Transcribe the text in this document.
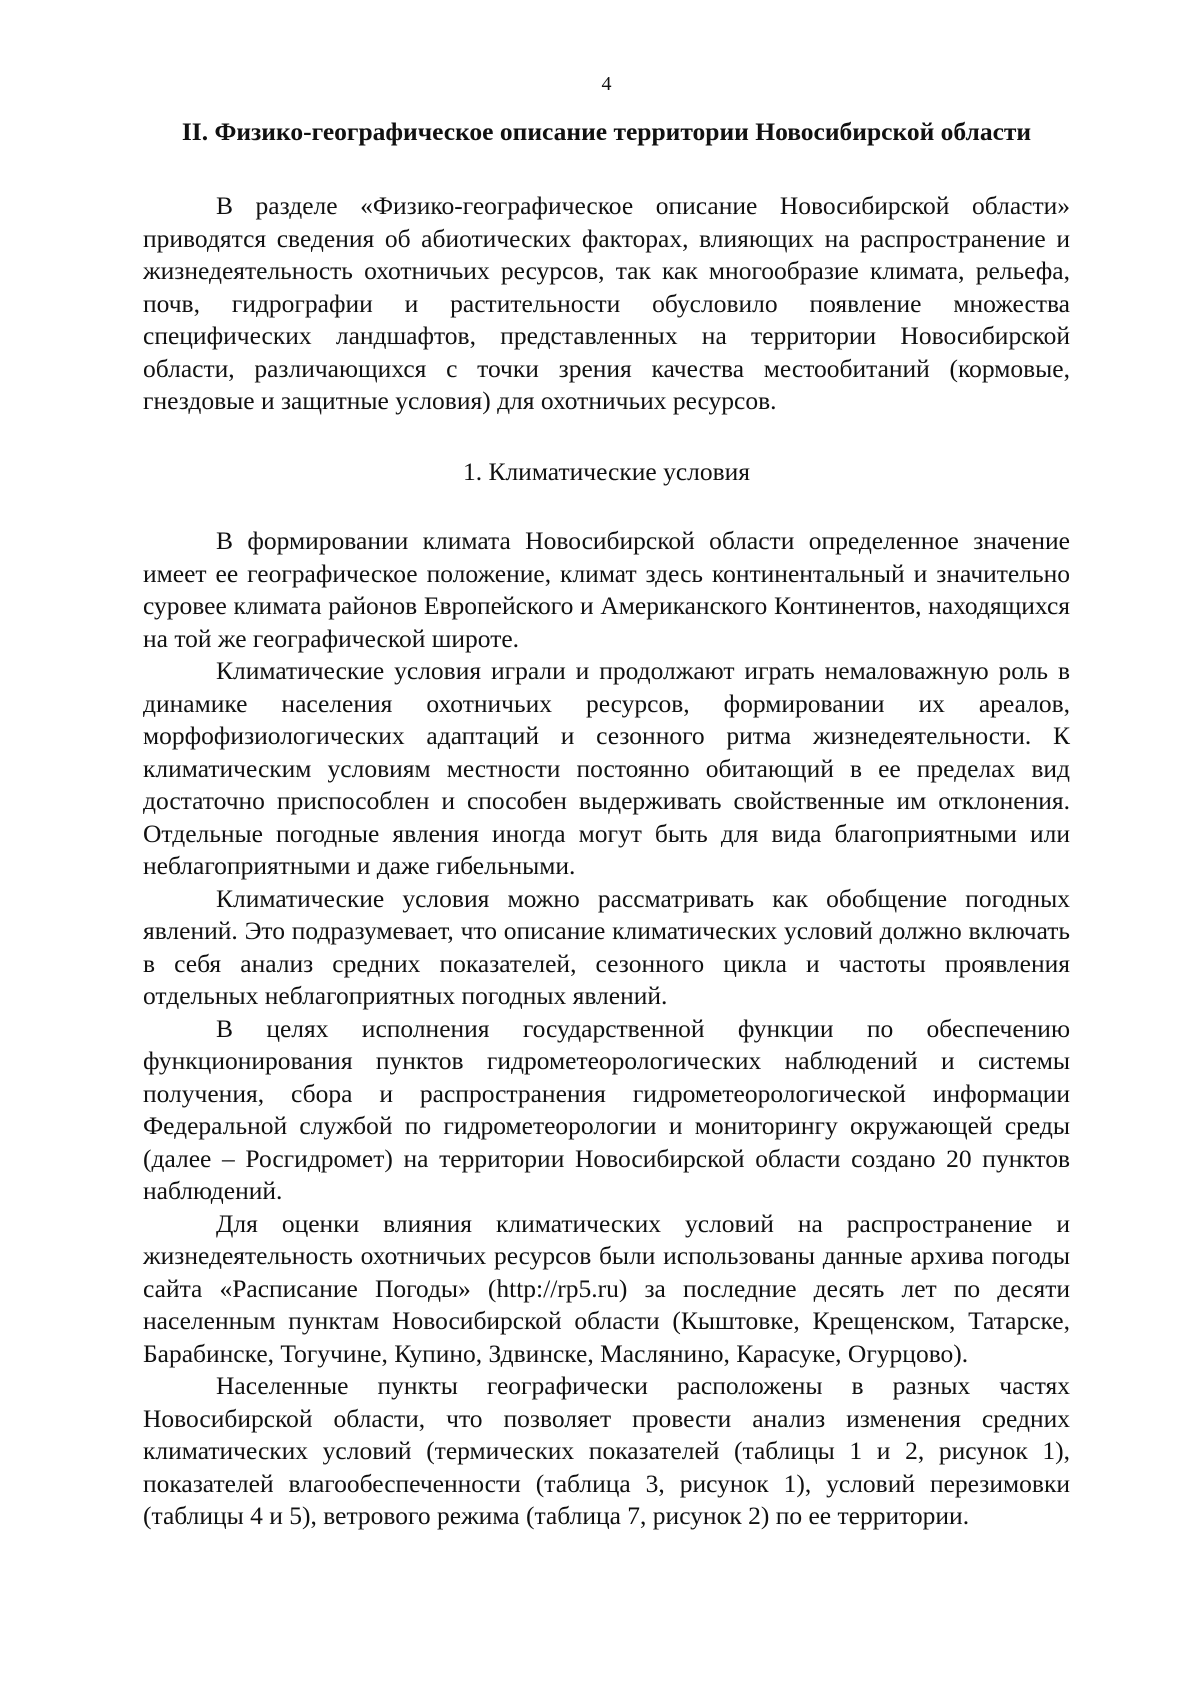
4
II. Физико-географическое описание территории Новосибирской области

В разделе «Физико-географическое описание Новосибирской области» приводятся сведения об абиотических факторах, влияющих на распространение и жизнедеятельность охотничьих ресурсов, так как многообразие климата, рельефа, почв, гидрографии и растительности обусловило появление множества специфических ландшафтов, представленных на территории Новосибирской области, различающихся с точки зрения качества местообитаний (кормовые, гнездовые и защитные условия) для охотничьих ресурсов.

1. Климатические условия

В формировании климата Новосибирской области определенное значение имеет ее географическое положение, климат здесь континентальный и значительно суровее климата районов Европейского и Американского Континентов, находящихся на той же географической широте.

Климатические условия играли и продолжают играть немаловажную роль в динамике населения охотничьих ресурсов, формировании их ареалов, морфофизиологических адаптаций и сезонного ритма жизнедеятельности. К климатическим условиям местности постоянно обитающий в ее пределах вид достаточно приспособлен и способен выдерживать свойственные им отклонения. Отдельные погодные явления иногда могут быть для вида благоприятными или неблагоприятными и даже гибельными.

Климатические условия можно рассматривать как обобщение погодных явлений. Это подразумевает, что описание климатических условий должно включать в себя анализ средних показателей, сезонного цикла и частоты проявления отдельных неблагоприятных погодных явлений.

В целях исполнения государственной функции по обеспечению функционирования пунктов гидрометеорологических наблюдений и системы получения, сбора и распространения гидрометеорологической информации Федеральной службой по гидрометеорологии и мониторингу окружающей среды (далее – Росгидромет) на территории Новосибирской области создано 20 пунктов наблюдений.

Для оценки влияния климатических условий на распространение и жизнедеятельность охотничьих ресурсов были использованы данные архива погоды сайта «Расписание Погоды» (http://rp5.ru) за последние десять лет по десяти населенным пунктам Новосибирской области (Кыштовке, Крещенском, Татарске, Барабинске, Тогучине, Купино, Здвинске, Маслянино, Карасуке, Огурцово).

Населенные пункты географически расположены в разных частях Новосибирской области, что позволяет провести анализ изменения средних климатических условий (термических показателей (таблицы 1 и 2, рисунок 1), показателей влагообеспеченности (таблица 3, рисунок 1), условий перезимовки (таблицы 4 и 5), ветрового режима (таблица 7, рисунок 2) по ее территории.
